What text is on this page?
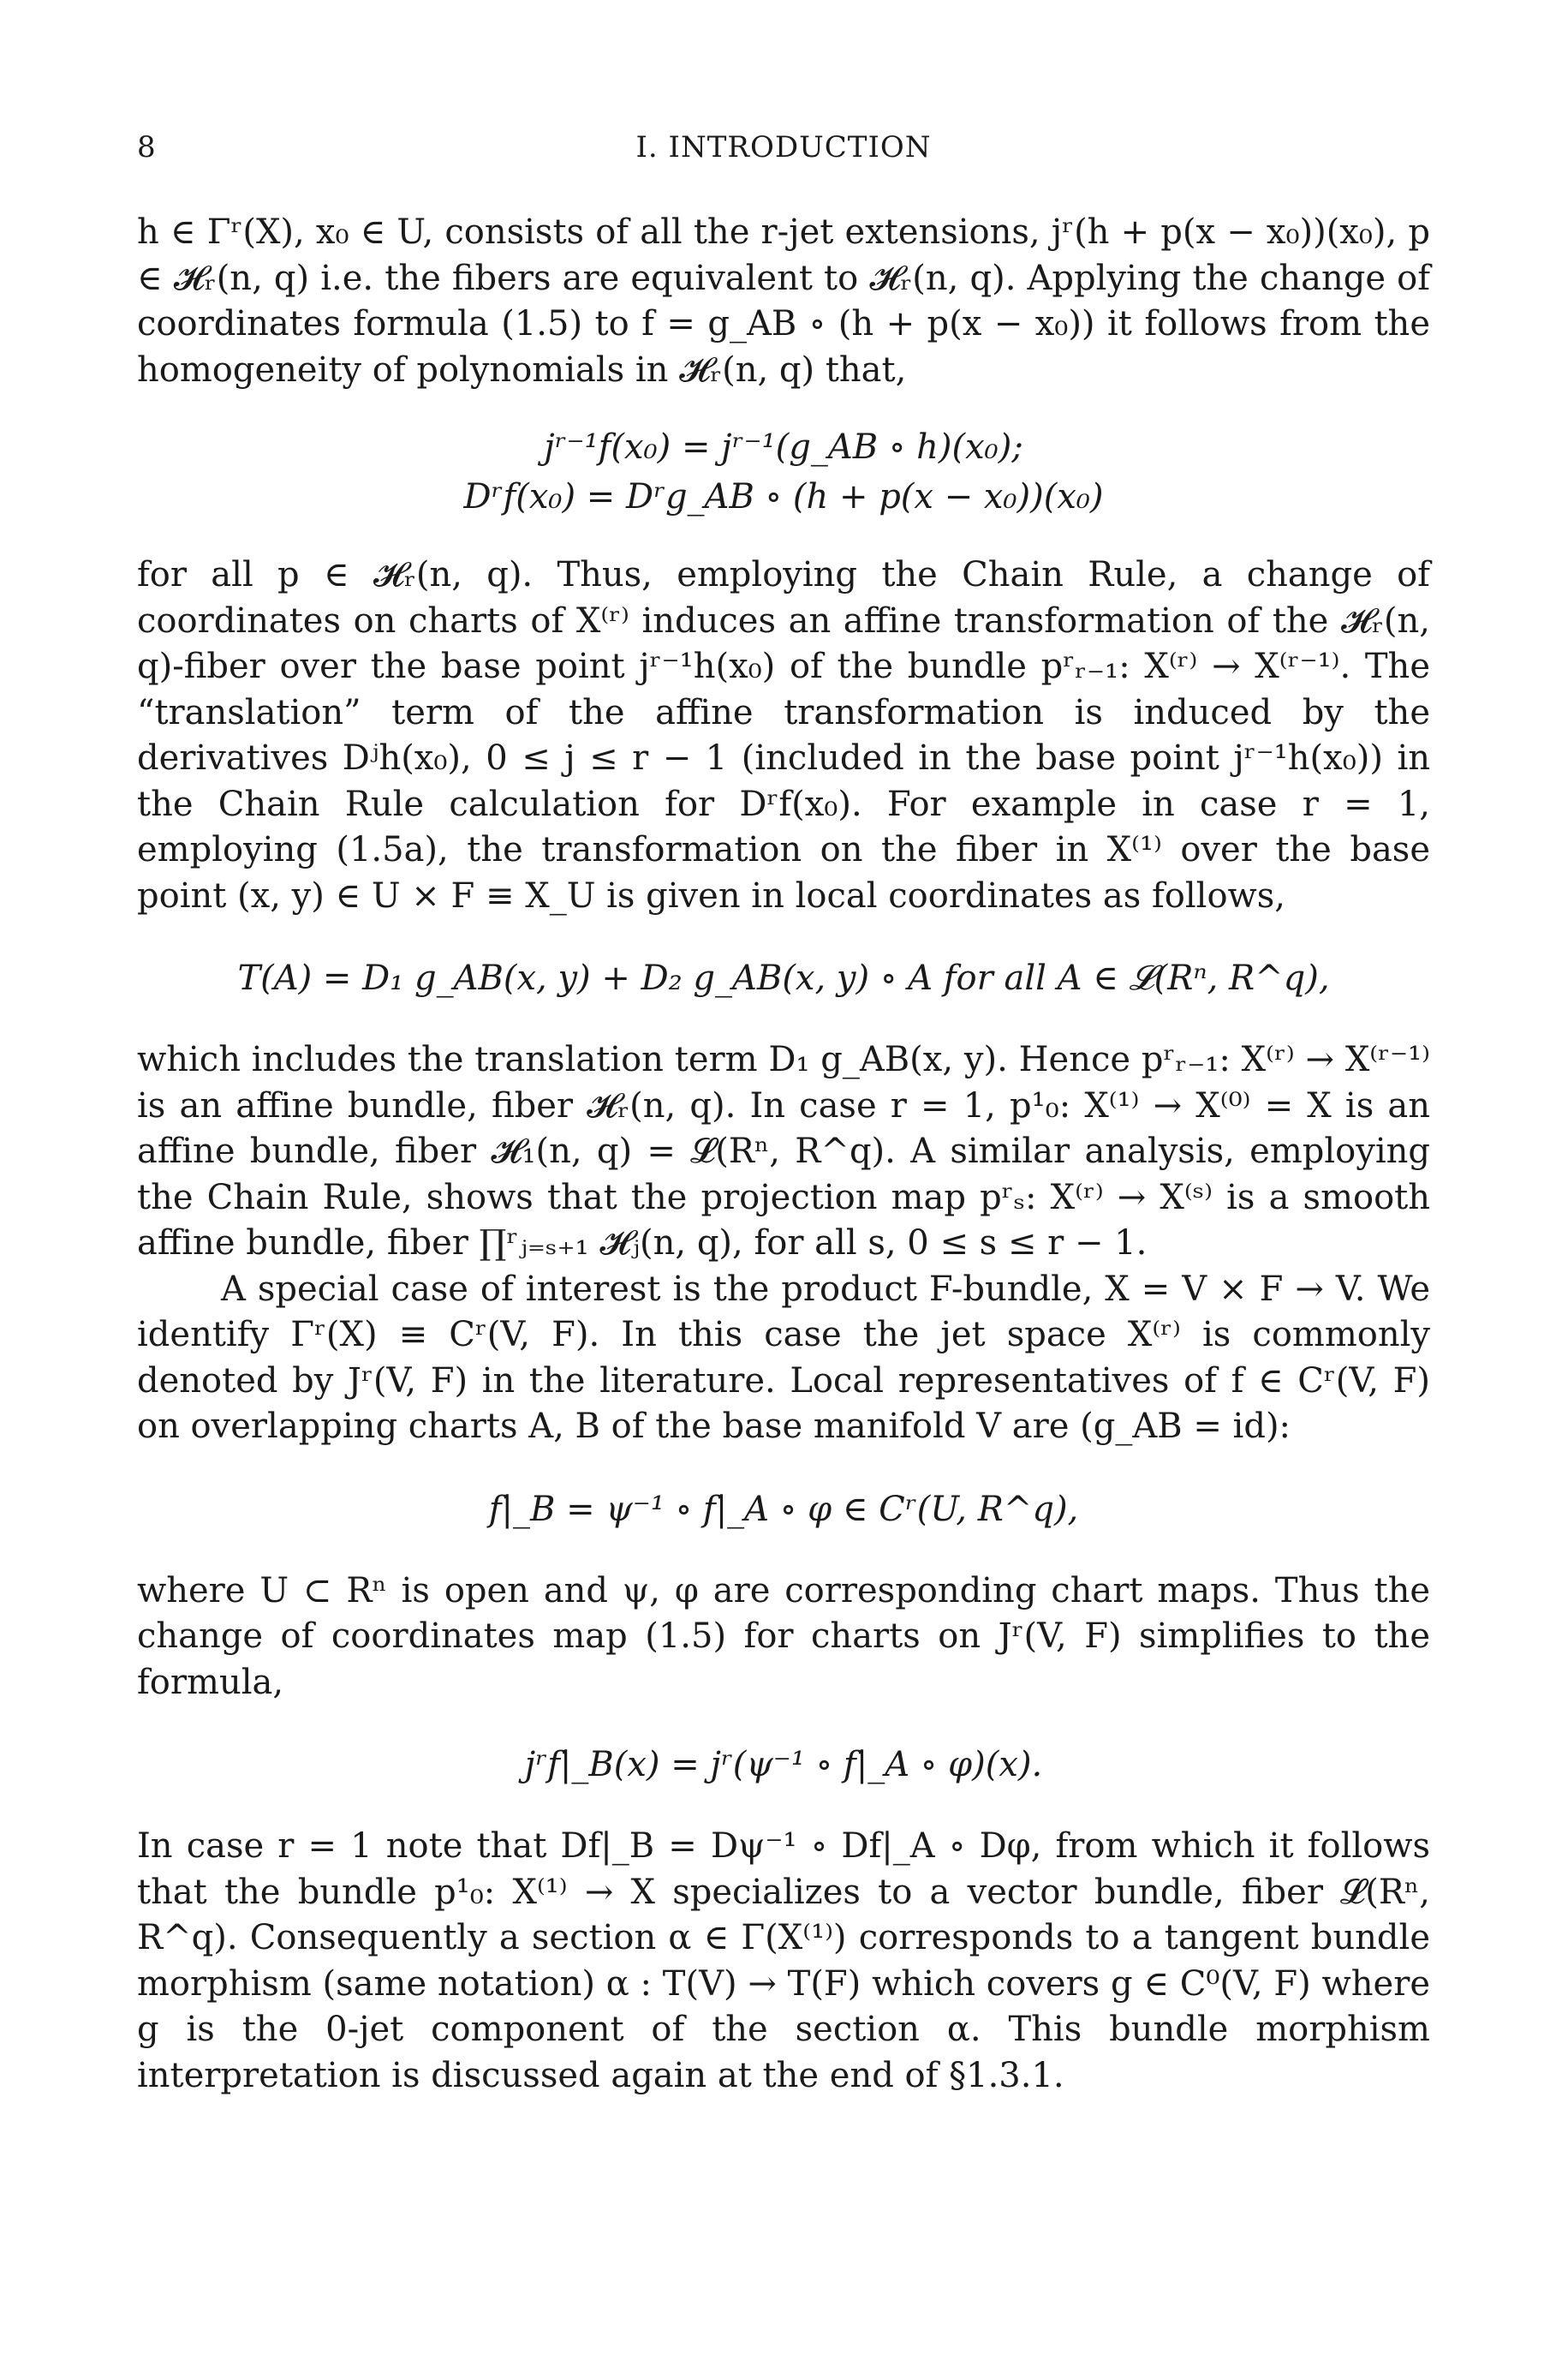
8	I. INTRODUCTION

h ∈ Γʳ(X), x₀ ∈ U, consists of all the r-jet extensions, jʳ(h + p(x − x₀))(x₀), p ∈ 𝓗ᵣ(n, q) i.e. the fibers are equivalent to 𝓗ᵣ(n, q). Applying the change of coordinates formula (1.5) to f = g_AB ∘ (h + p(x − x₀)) it follows from the homogeneity of polynomials in 𝓗ᵣ(n, q) that,

jʳ⁻¹f(x₀) = jʳ⁻¹(g_AB ∘ h)(x₀);
Dʳf(x₀) = Dʳg_AB ∘ (h + p(x − x₀))(x₀)

for all p ∈ 𝓗ᵣ(n, q). Thus, employing the Chain Rule, a change of coordinates on charts of X⁽ʳ⁾ induces an affine transformation of the 𝓗ᵣ(n, q)-fiber over the base point jʳ⁻¹h(x₀) of the bundle pʳᵣ₋₁: X⁽ʳ⁾ → X⁽ʳ⁻¹⁾. The “translation” term of the affine transformation is induced by the derivatives Dʲh(x₀), 0 ≤ j ≤ r − 1 (included in the base point jʳ⁻¹h(x₀)) in the Chain Rule calculation for Dʳf(x₀). For example in case r = 1, employing (1.5a), the transformation on the fiber in X⁽¹⁾ over the base point (x, y) ∈ U × F ≡ X_U is given in local coordinates as follows,

T(A) = D₁ g_AB(x, y) + D₂ g_AB(x, y) ∘ A for all A ∈ 𝓛(Rⁿ, R^q),

which includes the translation term D₁ g_AB(x, y). Hence pʳᵣ₋₁: X⁽ʳ⁾ → X⁽ʳ⁻¹⁾ is an affine bundle, fiber 𝓗ᵣ(n, q). In case r = 1, p¹₀: X⁽¹⁾ → X⁽⁰⁾ = X is an affine bundle, fiber 𝓗₁(n, q) = 𝓛(Rⁿ, R^q). A similar analysis, employing the Chain Rule, shows that the projection map pʳₛ: X⁽ʳ⁾ → X⁽ˢ⁾ is a smooth affine bundle, fiber ∏ʳⱼ₌ₛ₊₁ 𝓗ⱼ(n, q), for all s, 0 ≤ s ≤ r − 1.

A special case of interest is the product F-bundle, X = V × F → V. We identify Γʳ(X) ≡ Cʳ(V, F). In this case the jet space X⁽ʳ⁾ is commonly denoted by Jʳ(V, F) in the literature. Local representatives of f ∈ Cʳ(V, F) on overlapping charts A, B of the base manifold V are (g_AB = id):

f|_B = ψ⁻¹ ∘ f|_A ∘ φ ∈ Cʳ(U, R^q),

where U ⊂ Rⁿ is open and ψ, φ are corresponding chart maps. Thus the change of coordinates map (1.5) for charts on Jʳ(V, F) simplifies to the formula,

jʳf|_B(x) = jʳ(ψ⁻¹ ∘ f|_A ∘ φ)(x).

In case r = 1 note that Df|_B = Dψ⁻¹ ∘ Df|_A ∘ Dφ, from which it follows that the bundle p¹₀: X⁽¹⁾ → X specializes to a vector bundle, fiber 𝓛(Rⁿ, R^q). Consequently a section α ∈ Γ(X⁽¹⁾) corresponds to a tangent bundle morphism (same notation) α : T(V) → T(F) which covers g ∈ C⁰(V, F) where g is the 0-jet component of the section α. This bundle morphism interpretation is discussed again at the end of §1.3.1.
